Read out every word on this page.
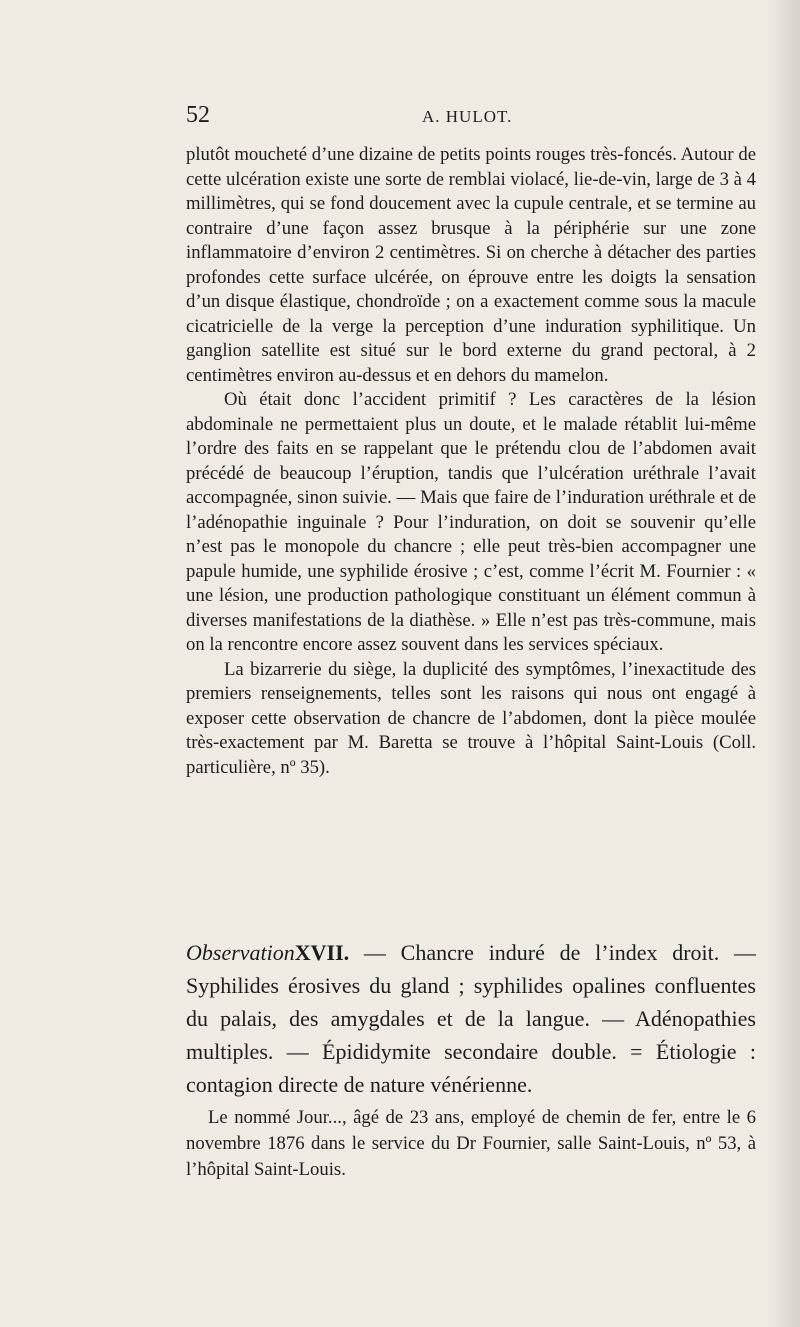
52	A. HULOT.

plutôt moucheté d’une dizaine de petits points rouges très-foncés. Autour de cette ulcération existe une sorte de remblai violacé, lie-de-vin, large de 3 à 4 millimètres, qui se fond doucement avec la cupule centrale, et se termine au contraire d’une façon assez brusque à la périphérie sur une zone inflammatoire d’environ 2 centimètres. Si on cherche à détacher des parties profondes cette surface ulcérée, on éprouve entre les doigts la sensation d’un disque élastique, chondroïde ; on a exactement comme sous la macule cicatricielle de la verge la perception d’une induration syphilitique. Un ganglion satellite est situé sur le bord externe du grand pectoral, à 2 centimètres environ au-dessus et en dehors du mamelon.

Où était donc l’accident primitif ? Les caractères de la lésion abdominale ne permettaient plus un doute, et le malade rétablit lui-même l’ordre des faits en se rappelant que le prétendu clou de l’abdomen avait précédé de beaucoup l’éruption, tandis que l’ulcération uréthrale l’avait accompagnée, sinon suivie. — Mais que faire de l’induration uréthrale et de l’adénopathie inguinale ? Pour l’induration, on doit se souvenir qu’elle n’est pas le monopole du chancre ; elle peut très-bien accompagner une papule humide, une syphilide érosive ; c’est, comme l’écrit M. Fournier : « une lésion, une production pathologique constituant un élément commun à diverses manifestations de la diathèse. » Elle n’est pas très-commune, mais on la rencontre encore assez souvent dans les services spéciaux.

La bizarrerie du siège, la duplicité des symptômes, l’inexactitude des premiers renseignements, telles sont les raisons qui nous ont engagé à exposer cette observation de chancre de l’abdomen, dont la pièce moulée très-exactement par M. Baretta se trouve à l’hôpital Saint-Louis (Coll. particulière, nº 35).

ObservationXVII. — Chancre induré de l’index droit. — Syphilides érosives du gland ; syphilides opalines confluentes du palais, des amygdales et de la langue. — Adénopathies multiples. — Épididymite secondaire double. = Étiologie : contagion directe de nature vénérienne.

Le nommé Jour..., âgé de 23 ans, employé de chemin de fer, entre le 6 novembre 1876 dans le service du Dr Fournier, salle Saint-Louis, nº 53, à l’hôpital Saint-Louis.
